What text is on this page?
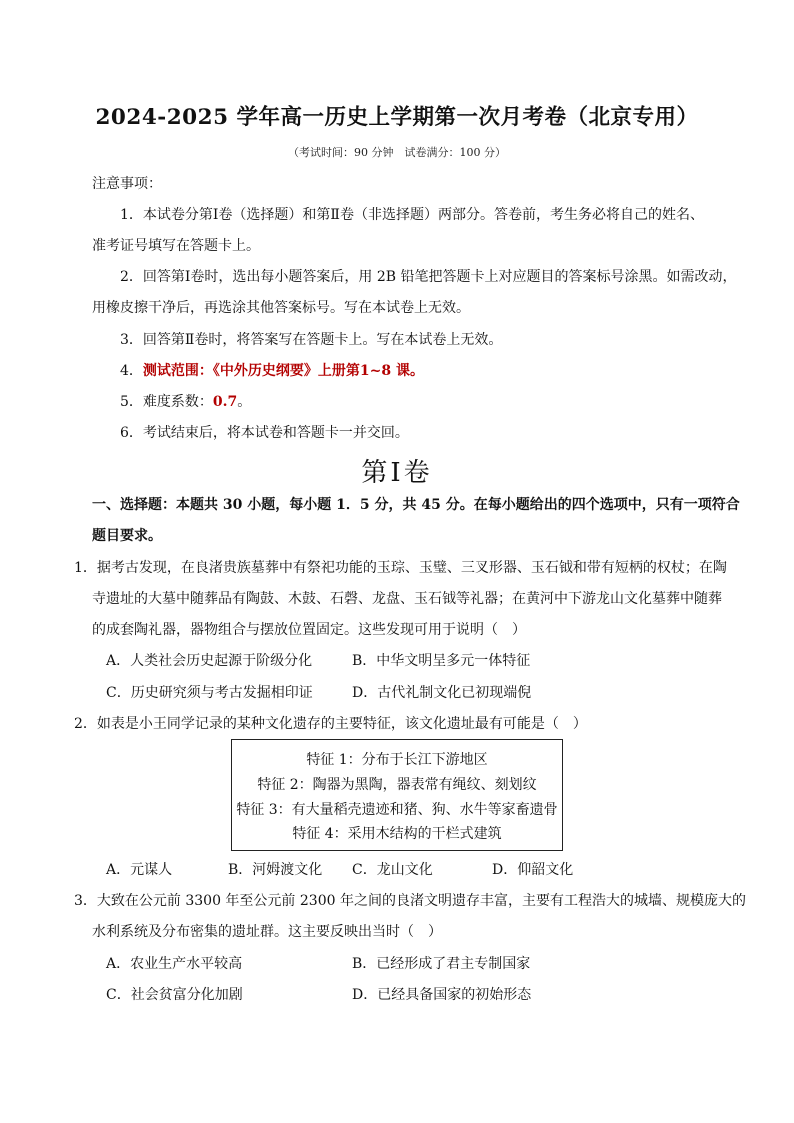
2024-2025 学年高一历史上学期第一次月考卷（北京专用）
（考试时间：90 分钟　试卷满分：100 分）
注意事项：
1．本试卷分第Ⅰ卷（选择题）和第Ⅱ卷（非选择题）两部分。答卷前，考生务必将自己的姓名、
准考证号填写在答题卡上。
2．回答第Ⅰ卷时，选出每小题答案后，用 2B 铅笔把答题卡上对应题目的答案标号涂黑。如需改动，
用橡皮擦干净后，再选涂其他答案标号。写在本试卷上无效。
3．回答第Ⅱ卷时，将答案写在答题卡上。写在本试卷上无效。
4．测试范围：《中外历史纲要》上册第1~8 课。
5．难度系数：0.7。
6．考试结束后，将本试卷和答题卡一并交回。
第Ⅰ卷
一、选择题：本题共 30 小题，每小题 1．5 分，共 45 分。在每小题给出的四个选项中，只有一项符合
题目要求。
1．据考古发现，在良渚贵族墓葬中有祭祀功能的玉琮、玉璧、三叉形器、玉石钺和带有短柄的权杖；在陶
寺遗址的大墓中随葬品有陶鼓、木鼓、石磬、龙盘、玉石钺等礼器；在黄河中下游龙山文化墓葬中随葬
的成套陶礼器，器物组合与摆放位置固定。这些发现可用于说明（　）
A．人类社会历史起源于阶级分化	B．中华文明呈多元一体特征
C．历史研究须与考古发掘相印证	D．古代礼制文化已初现端倪
2．如表是小王同学记录的某种文化遗存的主要特征，该文化遗址最有可能是（　）
特征 1：分布于长江下游地区
特征 2：陶器为黑陶，器表常有绳纹、刻划纹
特征 3：有大量稻壳遗迹和猪、狗、水牛等家畜遗骨
特征 4：采用木结构的干栏式建筑
A．元谋人	B．河姆渡文化 C．龙山文化	D．仰韶文化
3．大致在公元前 3300 年至公元前 2300 年之间的良渚文明遗存丰富，主要有工程浩大的城墙、规模庞大的
水利系统及分布密集的遗址群。这主要反映出当时（　）
A．农业生产水平较高	B．已经形成了君主专制国家
C．社会贫富分化加剧	D．已经具备国家的初始形态
